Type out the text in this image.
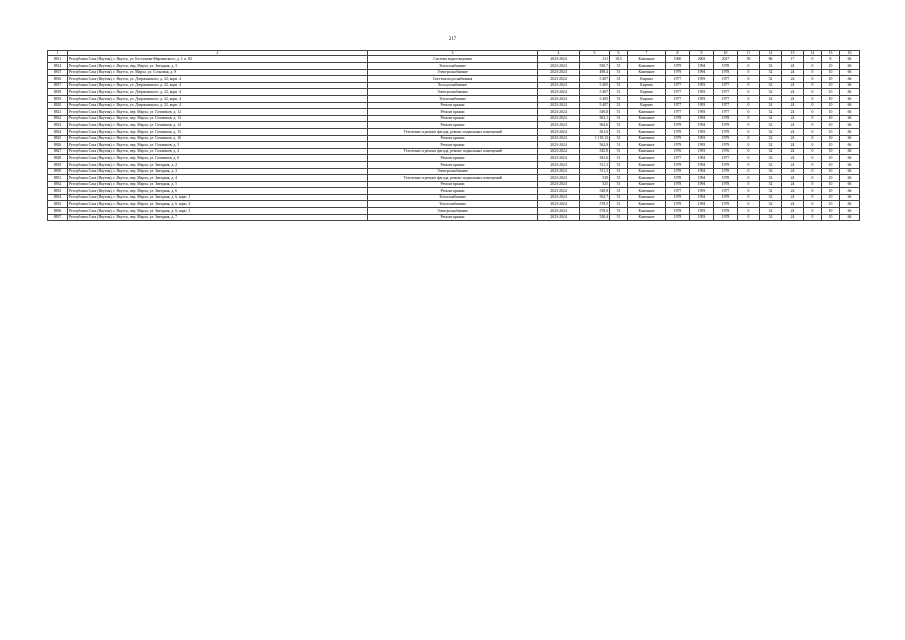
217
1	2	3	4	5	6	7	8	9	10	11	12	13	14	15	16
8811	Республика Саха (Якутия), г. Якутск, ул. Бестужева-Марлинского, д. 1, к. 82	Система водоотведения	2023-2024	311	18,5	Каменное	1960	2003	2017	50	86	17	0	8	66
8812	Республика Саха (Якутия), г. Якутск, пер. Марха, ул. Звездная, д. 3	Теплоснабжение	2023-2024	550,7	51	Каменное	1979	1994	1978	0	32	24	0	10	66
8815	Республика Саха (Якутия), г. Якутск, ул. Марха, ул. Сосновая, д. 9	Электроснабжение	2023-2024	498,4	51	Каменное	1979	1994	1978	0	32	24	0	10	66
8816	Республика Саха (Якутия), г. Якутск, ул. Дзержинского, д. 22, корп. 4	Система водоснабжения	2023-2024	5 407	51	Кирпич	1977	1993	1977	0	32	24	0	10	66
8817	Республика Саха (Якутия), г. Якутск, ул. Дзержинского, д. 22, корп. 4	Холодоснабжение	2023-2024	5 405	51	Кирпич	1977	1993	1977	0	32	24	0	10	66
8818	Республика Саха (Якутия), г. Якутск, ул. Дзержинского, д. 22, корп. 4	Электроснабжение	2023-2024	5 407	51	Кирпич	1977	1993	1977	0	32	24	0	10	66
8819	Республика Саха (Якутия), г. Якутск, ул. Дзержинского, д. 22, корп. 4	Теплоснабжение	2023-2024	5 405	51	Кирпич	1977	1993	1977	0	32	24	0	10	66
8820	Республика Саха (Якутия), г. Якутск, ул. Дзержинского, д. 22, корп. 4	Ремонт крыши	2023-2024	5 407	51	Кирпич	1977	1993	1977	0	32	24	0	10	66
8821	Республика Саха (Якутия), г. Якутск, пер. Марха, ул. Газовиков, д. 12	Ремонт крыши	2023-2024	549,8	51	Каменное	1977	1993	1977	0	32	24	0	10	66
8822	Республика Саха (Якутия), г. Якутск, пер. Марха, ул. Газовиков, д. 13	Ремонт крыши	2023-2024	562,1	51	Каменное	1978	1994	1978	0	32	24	0	10	66
8823	Республика Саха (Якутия), г. Якутск, пер. Марха, ул. Газовиков, д. 14	Ремонт крыши	2023-2024	564,6	51	Каменное	1978	1994	1978	0	32	24	0	10	66
8824	Республика Саха (Якутия), г. Якутск, пер. Марха, ул. Газовиков, д. 15	Утепление и ремонт фасада, ремонт подвальных помещений	2023-2024	561,6	51	Каменное	1978	1993	1978	0	32	24	0	10	66
8825	Республика Саха (Якутия), г. Якутск, пер. Марха, ул. Газовиков, д. 16	Ремонт крыши	2023-2024	1 118,13	51	Каменное	1979	1993	1979	0	32	24	0	10	66
8826	Республика Саха (Якутия), г. Якутск, пер. Марха, ул. Газовиков, д. 3	Ремонт крыши	2023-2024	562,8	51	Каменное	1979	1993	1979	0	32	24	0	10	66
8827	Республика Саха (Якутия), г. Якутск, пер. Марха, ул. Газовиков, д. 4	Утепление и ремонт фасада, ремонт подвальных помещений	2023-2024	545,8	51	Каменное	1976	1993	1976	0	32	24	0	10	66
8828	Республика Саха (Якутия), г. Якутск, пер. Марха, ул. Газовиков, д. 6	Ремонт крыши	2023-2024	563,6	51	Каменное	1977	1994	1977	0	32	24	0	10	66
8829	Республика Саха (Якутия), г. Якутск, пер. Марха, ул. Звездная, д. 2	Ремонт крыши	2023-2024	511,3	51	Каменное	1978	1994	1978	0	32	24	0	10	66
8830	Республика Саха (Якутия), г. Якутск, пер. Марха, ул. Звездная, д. 3	Электроснабжение	2023-2024	511,3	51	Каменное	1978	1994	1978	0	32	24	0	10	66
8831	Республика Саха (Якутия), г. Якутск, пер. Марха, ул. Звездная, д. 4	Утепление и ремонт фасада, ремонт подвальных помещений	2023-2024	529	51	Каменное	1978	1994	1978	0	32	24	0	10	66
8832	Республика Саха (Якутия), г. Якутск, пер. Марха, ул. Звездная, д. 5	Ремонт крыши	2023-2024	525	51	Каменное	1978	1994	1978	0	32	24	0	10	66
8833	Республика Саха (Якутия), г. Якутск, пер. Марха, ул. Звездная, д. 6	Ремонт крыши	2023-2024	548,8	51	Каменное	1977	1993	1977	0	32	24	0	10	66
8834	Республика Саха (Якутия), г. Якутск, пер. Марха, ул. Звездная, д. 6, корп. 1	Теплоснабжение	2023-2024	562,7	51	Каменное	1978	1994	1978	0	32	24	0	10	66
8835	Республика Саха (Якутия), г. Якутск, пер. Марха, ул. Звездная, д. 6, корп. 2	Теплоснабжение	2023-2024	578,5	51	Каменное	1978	1994	1978	0	32	24	0	10	66
8836	Республика Саха (Якутия), г. Якутск, пер. Марха, ул. Звездная, д. 6, корп. 3	Электроснабжение	2023-2024	578,6	51	Каменное	1978	1993	1978	0	32	24	0	10	66
8837	Республика Саха (Якутия), г. Якутск, пер. Марха, ул. Звездная, д. 7	Ремонт крыши	2023-2024	520,4	51	Каменное	1978	1993	1978	0	32	24	0	10	66
